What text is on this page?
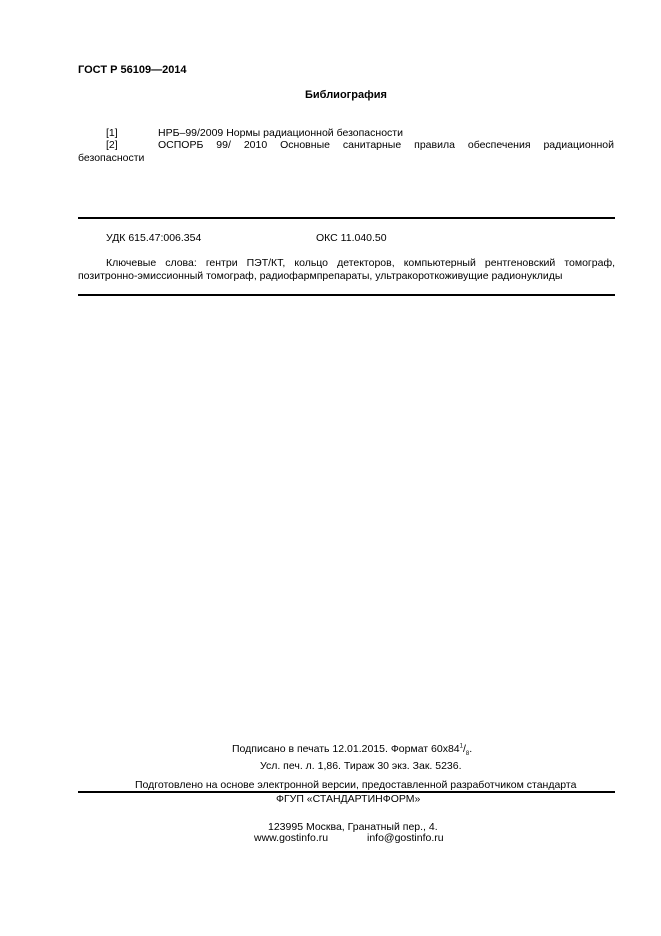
ГОСТ Р 56109—2014
Библиография
[1]	НРБ–99/2009 Нормы радиационной безопасности
[2]	ОСПОРБ 99/ 2010 Основные санитарные правила обеспечения радиационной
безопасности
УДК 615.47:006.354	ОКС 11.040.50
Ключевые слова: гентри ПЭТ/КТ, кольцо детекторов, компьютерный рентгеновский томограф,
позитронно-эмиссионный томограф, радиофармпрепараты, ультракороткоживущие радионуклиды
Подписано в печать 12.01.2015. Формат $60х84^1/_8$.
Усл. печ. л. 1,86. Тираж 30 экз. Зак. 5236.
Подготовлено на основе электронной версии, предоставленной разработчиком стандарта
ФГУП «СТАНДАРТИНФОРМ»
123995 Москва, Гранатный пер., 4.
www.gostinfo.ru	info@gostinfo.ru
